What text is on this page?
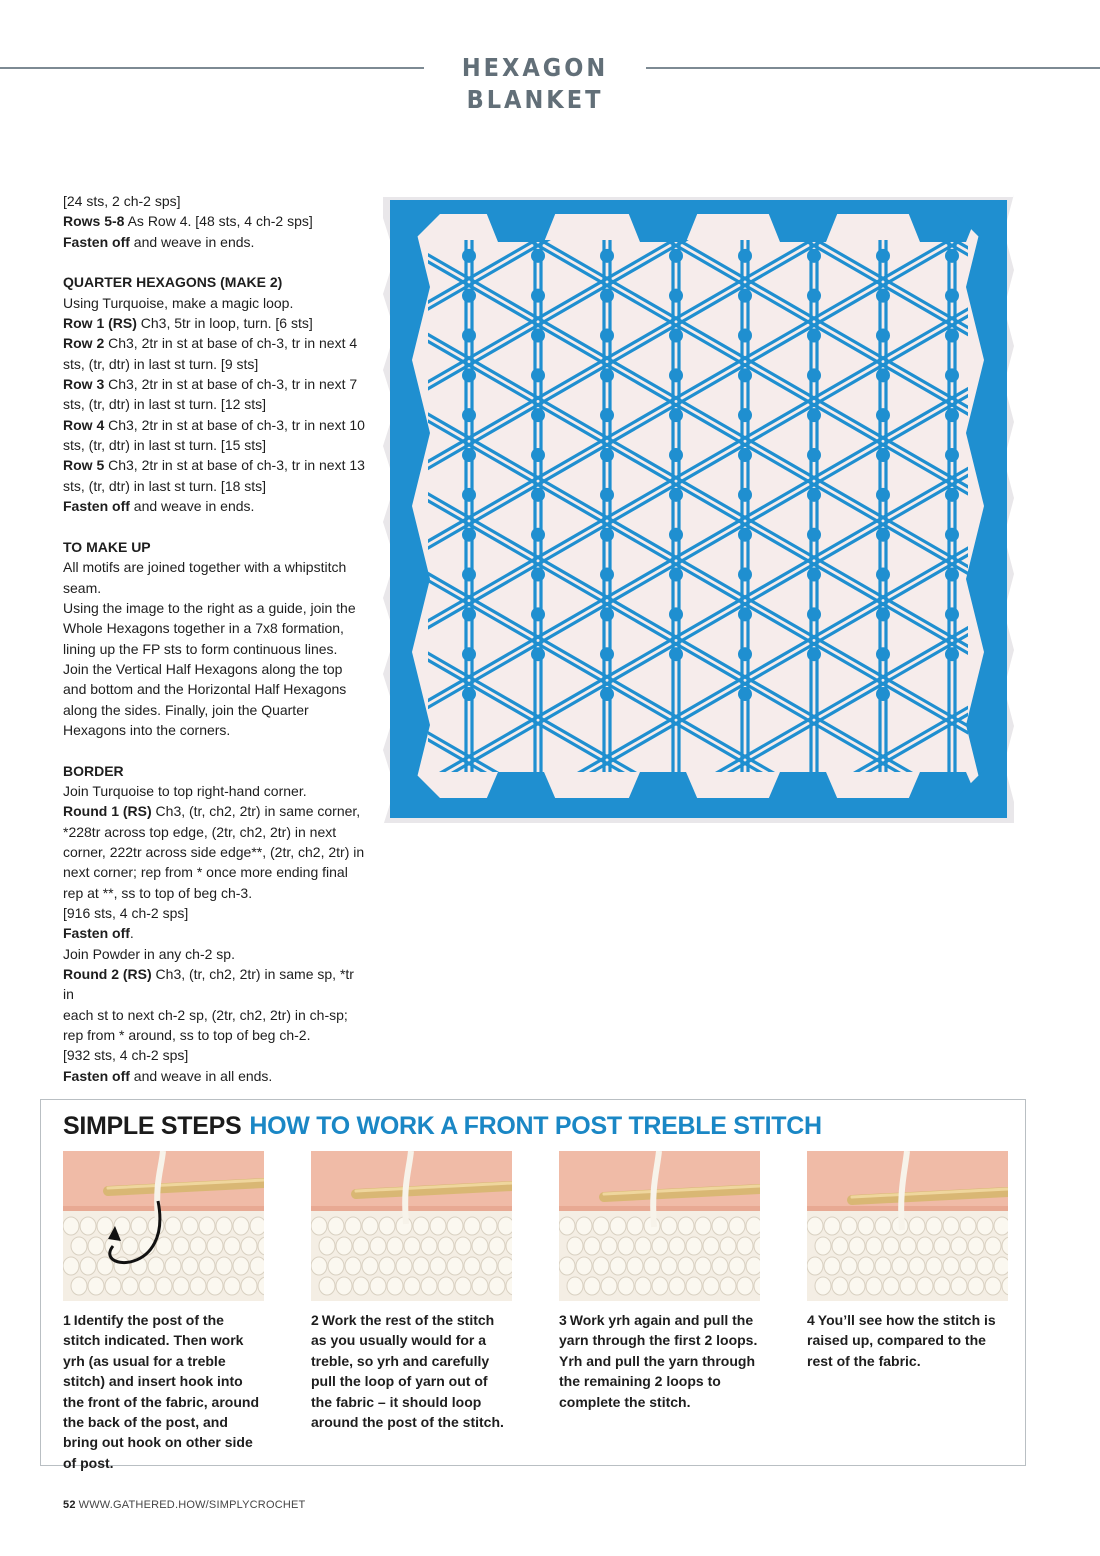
HEXAGON BLANKET

[24 sts, 2 ch-2 sps]

Rows 5-8 As Row 4. [48 sts, 4 ch-2 sps]

Fasten off and weave in ends.

QUARTER HEXAGONS (MAKE 2)

Using Turquoise, make a magic loop.

Row 1 (RS) Ch3, 5tr in loop, turn. [6 sts]

Row 2 Ch3, 2tr in st at base of ch-3, tr in next 4

sts, (tr, dtr) in last st turn. [9 sts]

Row 3 Ch3, 2tr in st at base of ch-3, tr in next 7

sts, (tr, dtr) in last st turn. [12 sts]

Row 4 Ch3, 2tr in st at base of ch-3, tr in next 10

sts, (tr, dtr) in last st turn. [15 sts]

Row 5 Ch3, 2tr in st at base of ch-3, tr in next 13

sts, (tr, dtr) in last st turn. [18 sts]

Fasten off and weave in ends.

TO MAKE UP

All motifs are joined together with a whipstitch

seam.

Using the image to the right as a guide, join the

Whole Hexagons together in a 7x8 formation,

lining up the FP sts to form continuous lines.

Join the Vertical Half Hexagons along the top

and bottom and the Horizontal Half Hexagons

along the sides. Finally, join the Quarter

Hexagons into the corners.

BORDER

Join Turquoise to top right-hand corner.

Round 1 (RS) Ch3, (tr, ch2, 2tr) in same corner,

*228tr across top edge, (2tr, ch2, 2tr) in next

corner, 222tr across side edge**, (2tr, ch2, 2tr) in

next corner; rep from * once more ending final

rep at **, ss to top of beg ch-3.

[916 sts, 4 ch-2 sps]

Fasten off.

Join Powder in any ch-2 sp.

Round 2 (RS) Ch3, (tr, ch2, 2tr) in same sp, *tr in

each st to next ch-2 sp, (2tr, ch2, 2tr) in ch-sp;

rep from * around, ss to top of beg ch-2.

[932 sts, 4 ch-2 sps]

Fasten off and weave in all ends.

SIMPLE STEPS HOW TO WORK A FRONT POST TREBLE STITCH
1 Identify the post of the stitch indicated. Then work yrh (as usual for a treble stitch) and insert hook into the front of the fabric, around the back of the post, and bring out hook on other side of post.
2 Work the rest of the stitch as you usually would for a treble, so yrh and carefully pull the loop of yarn out of the fabric – it should loop around the post of the stitch.
3 Work yrh again and pull the yarn through the first 2 loops. Yrh and pull the yarn through the remaining 2 loops to complete the stitch.
4 You’ll see how the stitch is raised up, compared to the rest of the fabric.
52 WWW.GATHERED.HOW/SIMPLYCROCHET
